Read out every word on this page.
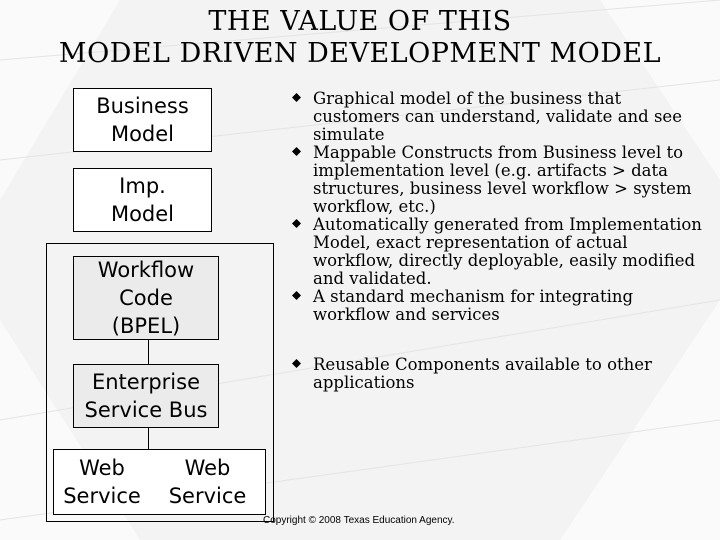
THE VALUE OF THIS
MODEL DRIVEN DEVELOPMENT MODEL
Business
Model
Imp.
Model
Workflow
Code
(BPEL)
Enterprise
Service Bus
Web
Service
Web
Service
Graphical model of the business that customers can understand, validate and see simulate
Mappable Constructs from Business level to implementation level (e.g. artifacts > data structures, business level workflow > system workflow, etc.)
Automatically generated from Implementation Model, exact representation of actual workflow, directly deployable, easily modified and validated.
A standard mechanism for integrating workflow and services
Reusable Components available to other applications
Copyright © 2008 Texas Education Agency.
